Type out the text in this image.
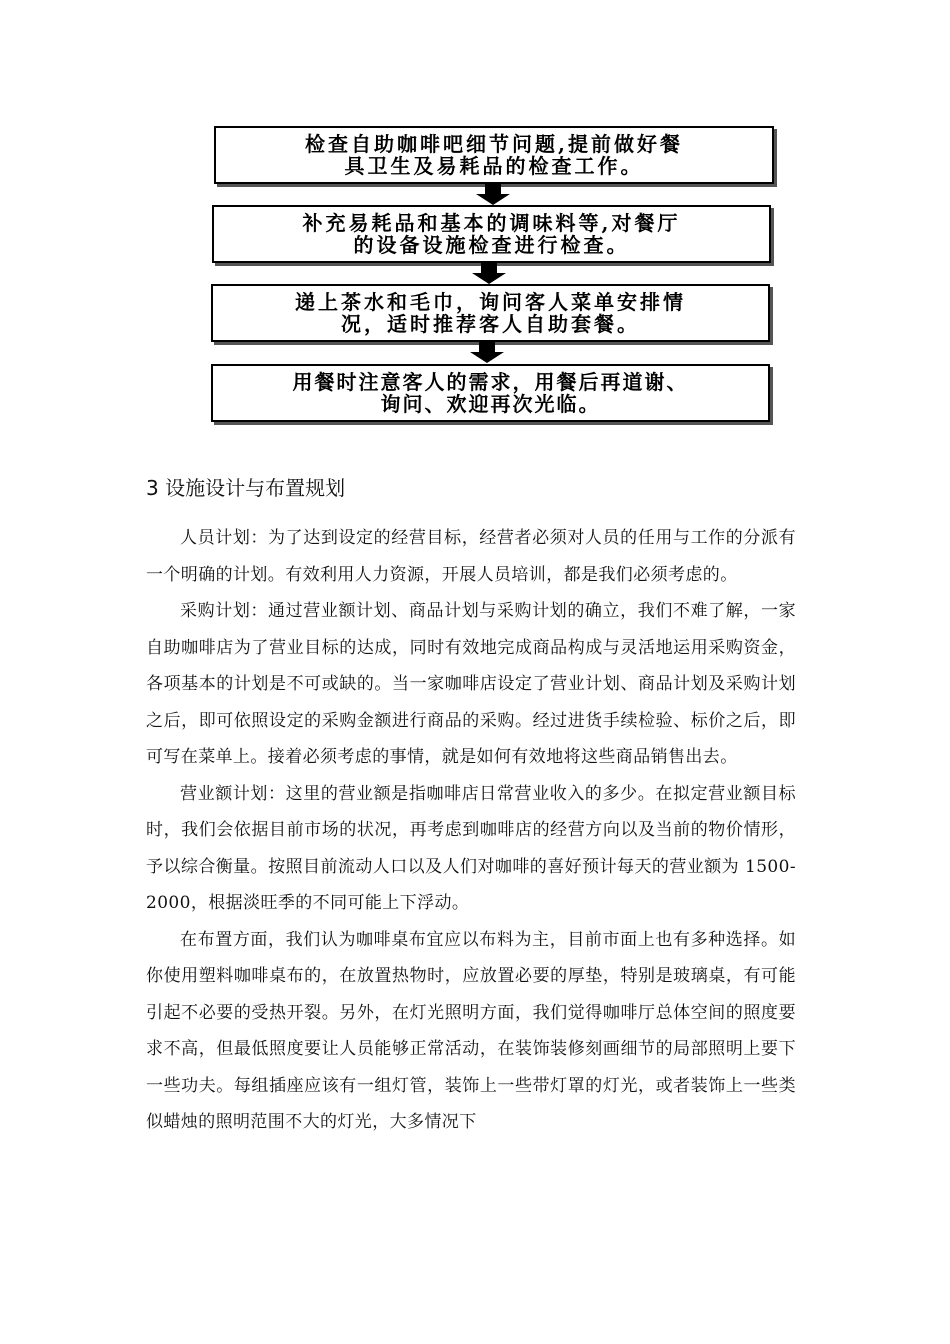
检查自助咖啡吧细节问题,提前做好餐
具卫生及易耗品的检查工作。
补充易耗品和基本的调味料等,对餐厅
的设备设施检查进行检查。
递上茶水和毛巾，询问客人菜单安排情
况，适时推荐客人自助套餐。
用餐时注意客人的需求，用餐后再道谢、
询问、欢迎再次光临。
3 设施设计与布置规划

人员计划：为了达到设定的经营目标，经营者必须对人员的任用与工作的分派有一个明确的计划。有效利用人力资源，开展人员培训，都是我们必须考虑的。

采购计划：通过营业额计划、商品计划与采购计划的确立，我们不难了解，一家自助咖啡店为了营业目标的达成，同时有效地完成商品构成与灵活地运用采购资金，各项基本的计划是不可或缺的。当一家咖啡店设定了营业计划、商品计划及采购计划之后，即可依照设定的采购金额进行商品的采购。经过进货手续检验、标价之后，即可写在菜单上。接着必须考虑的事情，就是如何有效地将这些商品销售出去。

营业额计划：这里的营业额是指咖啡店日常营业收入的多少。在拟定营业额目标时，我们会依据目前市场的状况，再考虑到咖啡店的经营方向以及当前的物价情形，予以综合衡量。按照目前流动人口以及人们对咖啡的喜好预计每天的营业额为 1500-2000，根据淡旺季的不同可能上下浮动。

在布置方面，我们认为咖啡桌布宜应以布料为主，目前市面上也有多种选择。如你使用塑料咖啡桌布的，在放置热物时，应放置必要的厚垫，特别是玻璃桌，有可能引起不必要的受热开裂。另外，在灯光照明方面，我们觉得咖啡厅总体空间的照度要求不高，但最低照度要让人员能够正常活动，在装饰装修刻画细节的局部照明上要下一些功夫。每组插座应该有一组灯管，装饰上一些带灯罩的灯光，或者装饰上一些类似蜡烛的照明范围不大的灯光，大多情况下
